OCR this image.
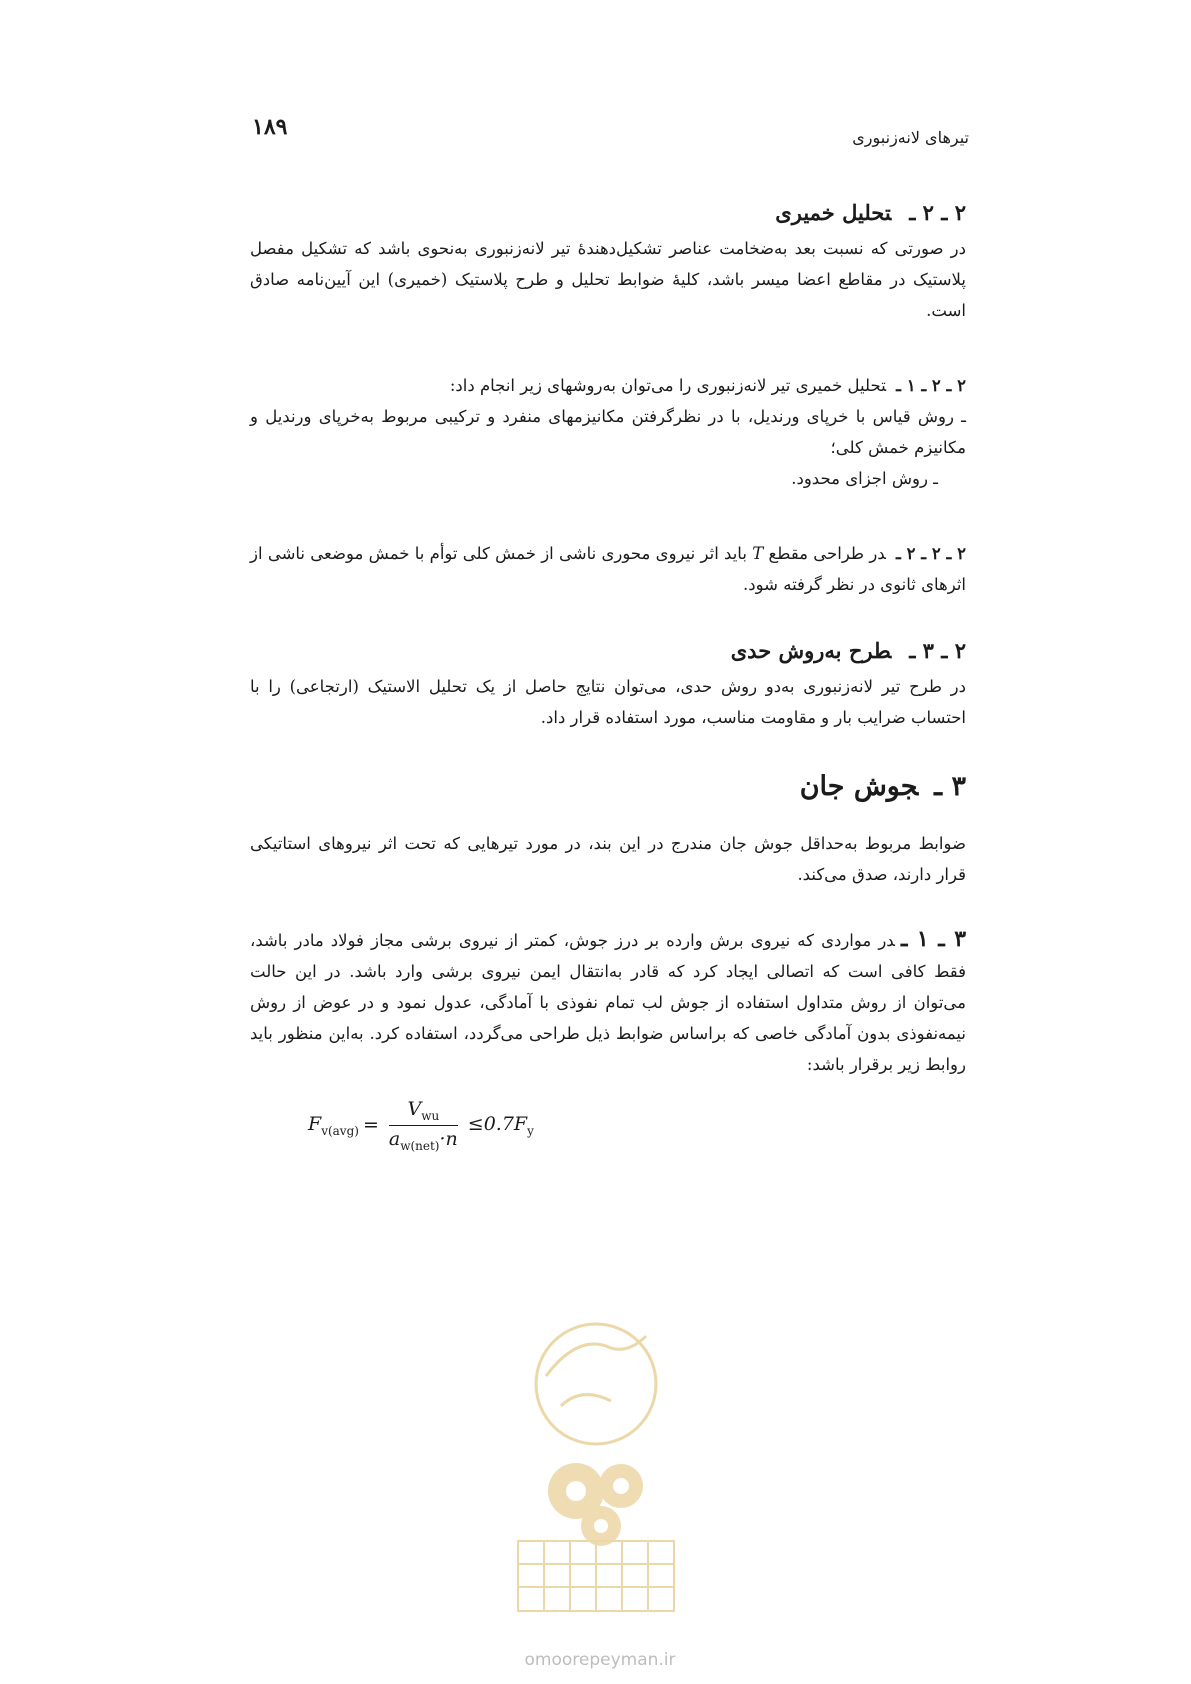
۱۸۹	تیرهای لانه‌زنبوری
۲ ـ ۲ ـتحلیل خمیری

در صورتی که نسبت بعد به‌ضخامت عناصر تشکیل‌دهندهٔ تیر لانه‌زنبوری به‌نحوی باشد که تشکیل مفصل پلاستیک در مقاطع اعضا میسر باشد، کلیهٔ ضوابط تحلیل و طرح پلاستیک (خمیری) این آیین‌نامه صادق است.

۲ ـ ۲ ـ ۱ ـتحلیل خمیری تیر لانه‌زنبوری را می‌توان به‌روشهای زیر انجام داد:

ـ روش قیاس با خرپای ورندیل، با در نظرگرفتن مکانیزمهای منفرد و ترکیبی مربوط به‌خرپای ورندیل و مکانیزم خمش کلی؛

ـ روش اجزای محدود.

۲ ـ ۲ ـ ۲ ـدر طراحی مقطع T باید اثر نیروی محوری ناشی از خمش کلی توأم با خمش موضعی ناشی از اثرهای ثانوی در نظر گرفته شود.

۲ ـ ۳ ـطرح به‌روش حدی

در طرح تیر لانه‌زنبوری به‌دو روش حدی، می‌توان نتایج حاصل از یک تحلیل الاستیک (ارتجاعی) را با احتساب ضرایب بار و مقاومت مناسب، مورد استفاده قرار داد.

۳ ـجوش جان

ضوابط مربوط به‌حداقل جوش جان مندرج در این بند، در مورد تیرهایی که تحت اثر نیروهای استاتیکی قرار دارند، صدق می‌کند.

۳ ـ ۱ ـدر مواردی که نیروی برش وارده بر درز جوش، کمتر از نیروی برشی مجاز فولاد مادر باشد، فقط کافی است که اتصالی ایجاد کرد که قادر به‌انتقال ایمن نیروی برشی وارد باشد. در این حالت می‌توان از روش متداول استفاده از جوش لب تمام نفوذی با آمادگی، عدول نمود و در عوض از روش نیمه‌نفوذی بدون آمادگی خاصی که براساس ضوابط ذیل طراحی می‌گردد، استفاده کرد. به‌این منظور باید روابط زیر برقرار باشد:

$F_{v(avg)} = \frac{V_{wu}}{a_{w(net)}\cdot n} \le 0.7F_y$
omoorepeyman.ir
